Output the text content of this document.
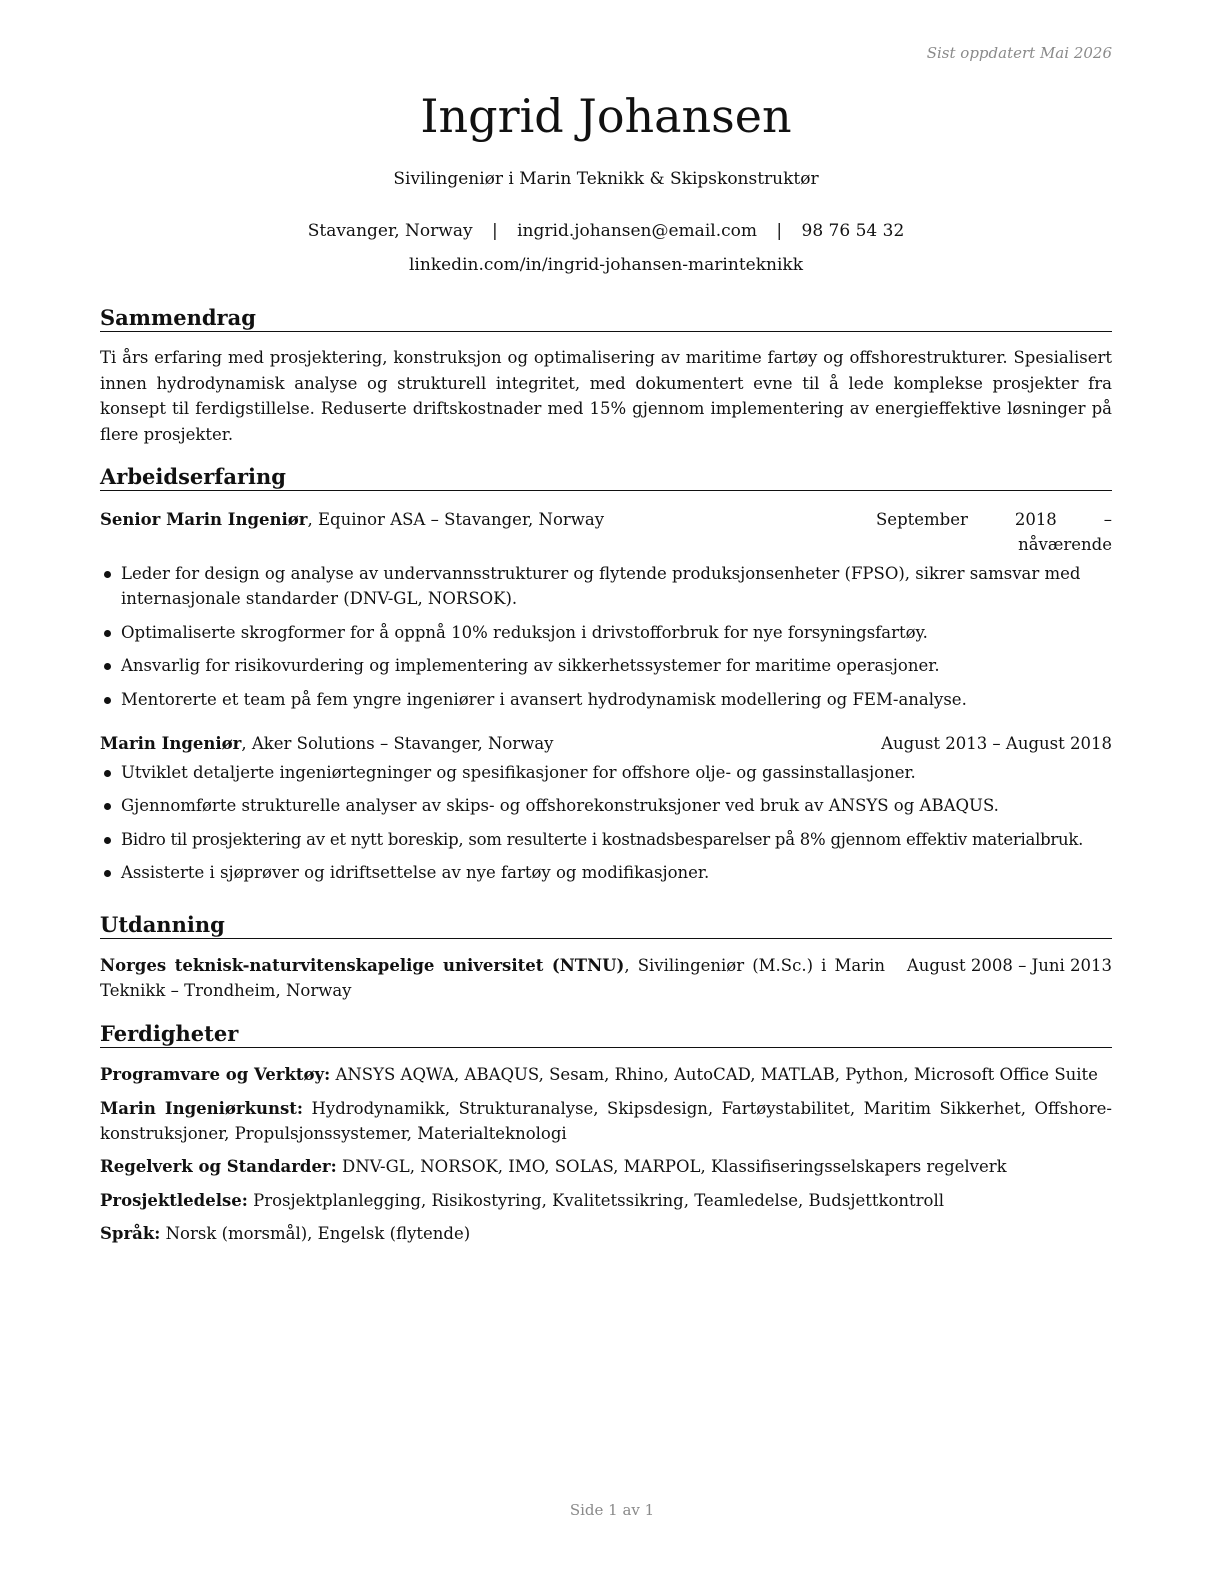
Sist oppdatert Mai 2026
Ingrid Johansen
Sivilingeniør i Marin Teknikk & Skipskonstruktør
Stavanger, Norway | ingrid.johansen@email.com | 98 76 54 32
linkedin.com/in/ingrid-johansen-marinteknikk
Sammendrag
Ti års erfaring med prosjektering, konstruksjon og optimalisering av maritime fartøy og offshorestrukturer. Spesialisert innen hydrodynamisk analyse og strukturell integritet, med dokumentert evne til å lede komplekse prosjekter fra konsept til ferdigstillelse. Reduserte driftskostnader med 15% gjennom implementering av energieffektive løsninger på flere prosjekter.
Arbeidserfaring
Senior Marin Ingeniør, Equinor ASA – Stavanger, Norway	September 2018 – nåværende
Leder for design og analyse av undervannsstrukturer og flytende produksjonsenheter (FPSO), sikrer samsvar med internasjonale standarder (DNV-GL, NORSOK).
Optimaliserte skrogformer for å oppnå 10% reduksjon i drivstofforbruk for nye forsyningsfartøy.
Ansvarlig for risikovurdering og implementering av sikkerhetssystemer for maritime operasjoner.
Mentorerte et team på fem yngre ingeniører i avansert hydrodynamisk modellering og FEM-analyse.
Marin Ingeniør, Aker Solutions – Stavanger, Norway	August 2013 – August 2018
Utviklet detaljerte ingeniørtegninger og spesifikasjoner for offshore olje- og gassinstallasjoner.
Gjennomførte strukturelle analyser av skips- og offshorekonstruksjoner ved bruk av ANSYS og ABAQUS.
Bidro til prosjektering av et nytt boreskip, som resulterte i kostnadsbesparelser på 8% gjennom effektiv materialbruk.
Assisterte i sjøprøver og idriftsettelse av nye fartøy og modifikasjoner.
Utdanning
Norges teknisk-naturvitenskapelige universitet (NTNU), Sivilingeniør (M.Sc.) i Marin Teknikk – Trondheim, Norway
August 2008 – Juni 2013
Ferdigheter
Programvare og Verktøy: ANSYS AQWA, ABAQUS, Sesam, Rhino, AutoCAD, MATLAB, Python, Microsoft Office Suite
Marin Ingeniørkunst: Hydrodynamikk, Strukturanalyse, Skipsdesign, Fartøystabilitet, Maritim Sikkerhet, Offshorekonstruksjoner, Propulsjonssystemer, Materialteknologi
Regelverk og Standarder: DNV-GL, NORSOK, IMO, SOLAS, MARPOL, Klassifiseringsselskapers regelverk
Prosjektledelse: Prosjektplanlegging, Risikostyring, Kvalitetssikring, Teamledelse, Budsjettkontroll
Språk: Norsk (morsmål), Engelsk (flytende)
Side 1 av 1
